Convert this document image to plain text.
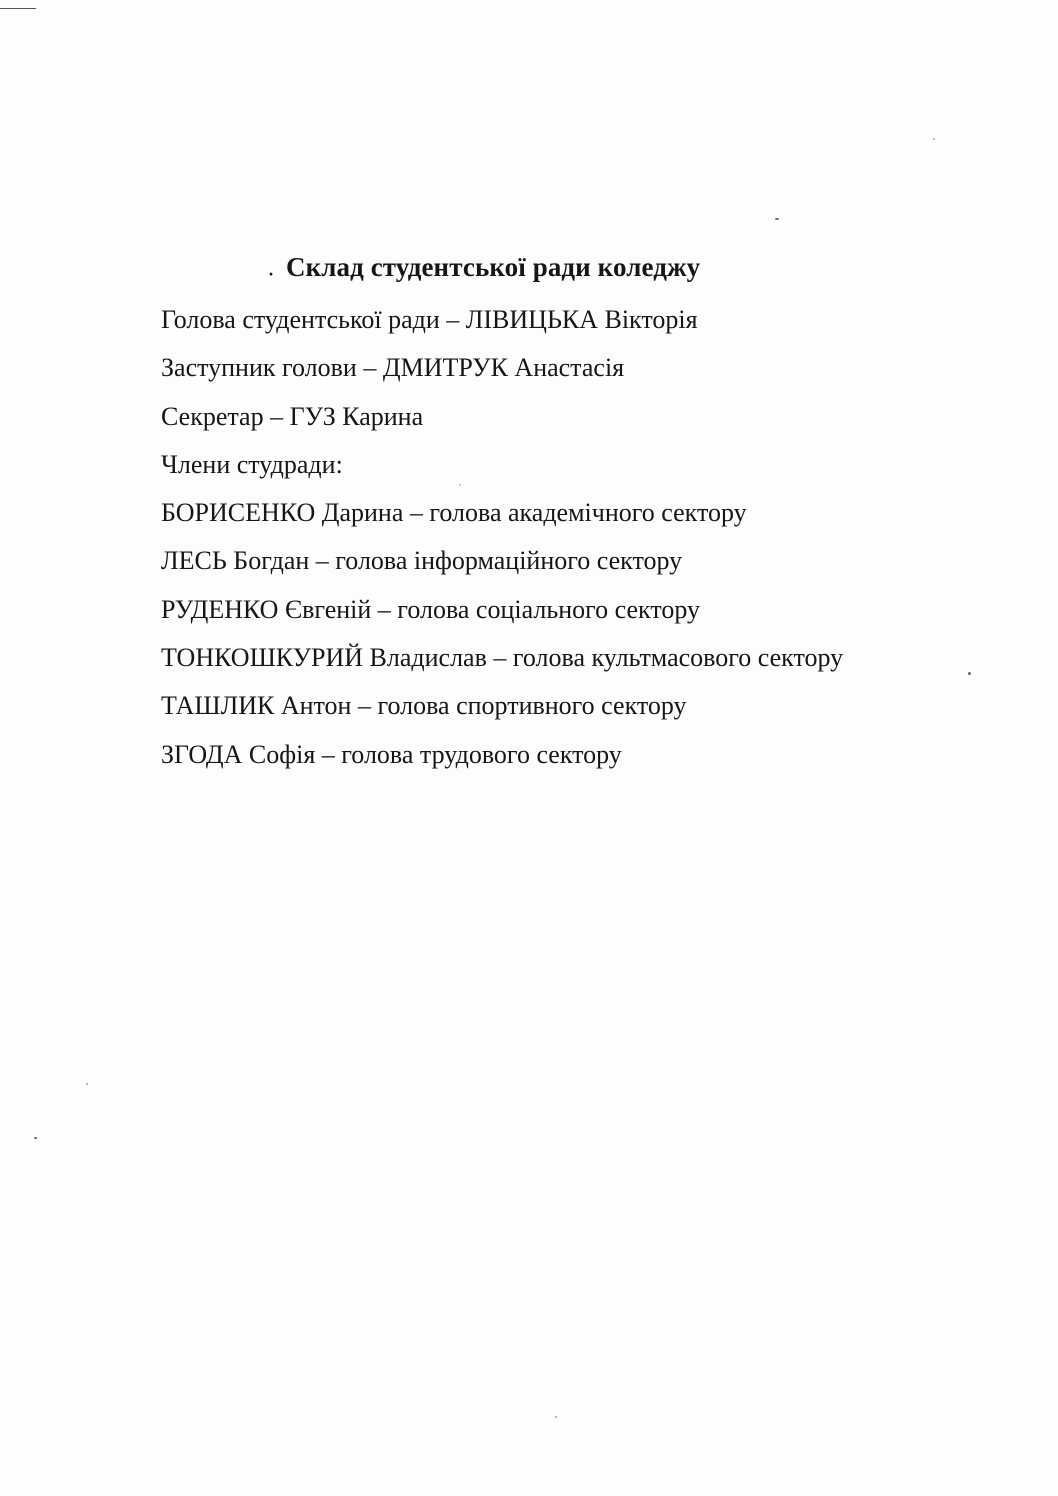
· Склад студентської ради коледжу
Голова студентської ради – ЛІВИЦЬКА Вікторія
Заступник голови – ДМИТРУК Анастасія
Секретар – ГУЗ Карина
Члени студради:
БОРИСЕНКО Дарина – голова академічного сектору
ЛЕСЬ Богдан – голова інформаційного сектору
РУДЕНКО Євгеній – голова соціального сектору
ТОНКОШКУРИЙ Владислав – голова культмасового сектору
ТАШЛИК Антон – голова спортивного сектору
ЗГОДА Софія – голова трудового сектору
